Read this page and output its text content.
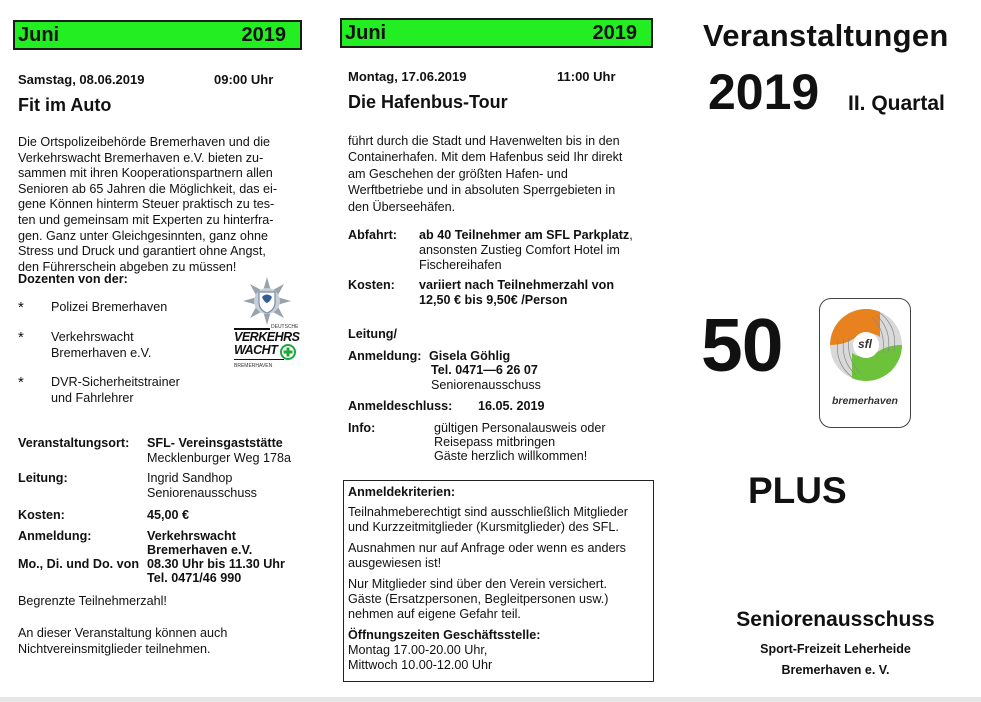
Juni	2019
Samstag, 08.06.2019	09:00 Uhr
Fit im Auto
Die Ortspolizeibehörde Bremerhaven und die
Verkehrswacht Bremerhaven e.V. bieten zu-
sammen mit ihren Kooperationspartnern allen
Senioren ab 65 Jahren die Möglichkeit, das ei-
gene Können hinterm Steuer praktisch zu tes-
ten und gemeinsam mit Experten zu hinterfra-
gen. Ganz unter Gleichgesinnten, ganz ohne
Stress und Druck und garantiert ohne Angst,
den Führerschein abgeben zu müssen!
Dozenten von der:
* Polizei Bremerhaven
* Verkehrswacht
Bremerhaven e.V.
* DVR-Sicherheitstrainer
und Fahrlehrer
DEUTSCHE
VERKEHRS
WACHT
BREMERHAVEN
Veranstaltungsort: SFL- Vereinsgaststätte
Mecklenburger Weg 178a
Leitung:	Ingrid Sandhop
Seniorenausschuss
Kosten:	45,00 €
Anmeldung:	Verkehrswacht
Bremerhaven e.V.
Mo., Di. und Do. von 08.30 Uhr bis 11.30 Uhr
Tel. 0471/46 990
Begrenzte Teilnehmerzahl!
An dieser Veranstaltung können auch
Nichtvereinsmitglieder teilnehmen.
Juni	2019
Montag, 17.06.2019	11:00 Uhr
Die Hafenbus-Tour
führt durch die Stadt und Havenwelten bis in den
Containerhafen. Mit dem Hafenbus seid Ihr direkt
am Geschehen der größten Hafen- und
Werftbetriebe und in absoluten Sperrgebieten in
den Überseehäfen.
Abfahrt: ab 40 Teilnehmer am SFL Parkplatz,
ansonsten Zustieg Comfort Hotel im
Fischereihafen
Kosten: variiert nach Teilnehmerzahl von
12,50 € bis 9,50€ /Person
Leitung/
Anmeldung: Gisela Göhlig
Tel. 0471—6 26 07
Seniorenausschuss
Anmeldeschluss: 16.05. 2019
Info:	gültigen Personalausweis oder
Reisepass mitbringen
Gäste herzlich willkommen!

Anmeldekriterien:

Teilnahmeberechtigt sind ausschließlich Mitglieder
und Kurzzeitmitglieder (Kursmitglieder) des SFL.

Ausnahmen nur auf Anfrage oder wenn es anders
ausgewiesen ist!

Nur Mitglieder sind über den Verein versichert.
Gäste (Ersatzpersonen, Begleitpersonen usw.)
nehmen auf eigene Gefahr teil.

Öffnungszeiten Geschäftsstelle:
Montag 17.00-20.00 Uhr,
Mittwoch 10.00-12.00 Uhr

Veranstaltungen
2019 II. Quartal
50	sfl
bremerhaven
PLUS
Seniorenausschuss
Sport-Freizeit Leherheide
Bremerhaven e. V.
